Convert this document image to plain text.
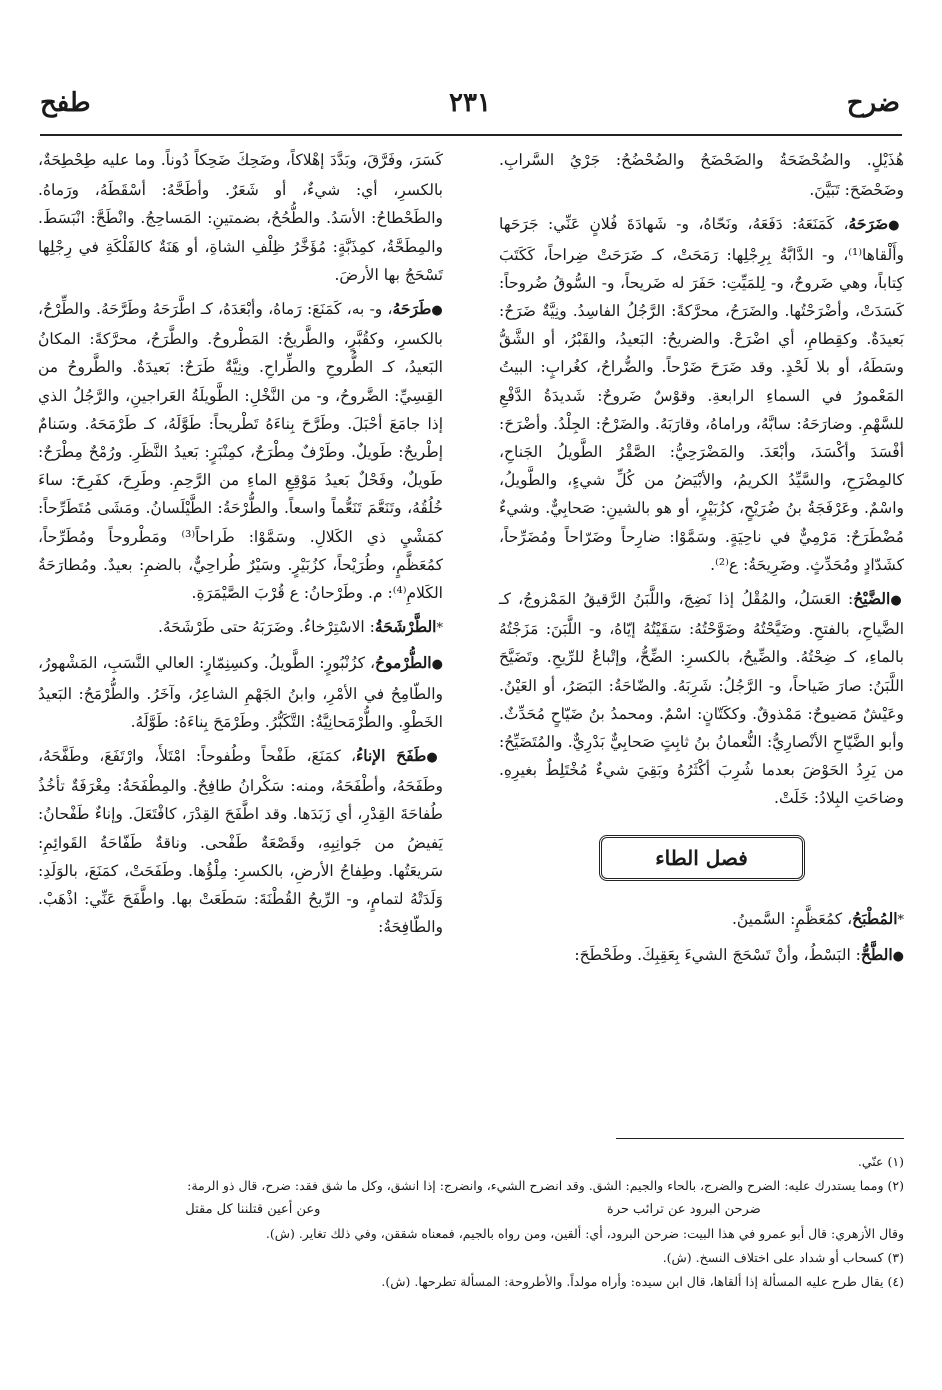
ضرح
٢٣١
طفح

هُذَيْلٍ. والضُحْضَحَةُ والضَحْضَحُ والضُحْضُحُ: جَرْيُ السَّرابِ. وضَحْضَحَ: تَبَيَّنَ.

●ضَرَحَهُ، كَمَنَعَهُ: دَفَعَهُ، ونَحّاهُ، و- شَهادَةَ فُلانٍ عَنِّي: جَرَحَها وأَلْقاها⁽¹⁾، و- الدَّابَّةُ بِرِجْلِها: رَمَحَتْ، كـ ضَرَحَتْ ضِراحاً، كَكَتَبَ كِتاباً، وهي ضَروحٌ، و- لِلمَيِّتِ: حَفَرَ له ضَريحاً، و- السُّوقُ ضُروحاً: كَسَدَتْ، وأضْرَحْتُها. والضَرَحُ، محرَّكةً: الرَّجُلُ الفاسِدُ. ونِيَّةٌ ضَرَحٌ: بَعيدَةٌ. وكقِطامِ، أي اضْرَحْ. والضريحُ: البَعيدُ، والقَبْرُ، أو الشَّقُّ وسَطَهُ، أو بلا لَحْدٍ. وقد ضَرَحَ ضَرْحاً. والضُّراحُ، كغُرابٍ: البيتُ المَعْمورُ في السماءِ الرابعةِ. وقوْسٌ ضَروحٌ: شَديدَةُ الدَّفْعِ للسَّهْمِ. وضارَحَهُ: سابَّهُ، وراماهُ، وقارَبَهُ. والضَرْحُ: الجِلْدُ. وأضْرَحَ: أفْسَدَ وأكْسَدَ، وأبْعَدَ. والمَضْرَحِيُّ: الصَّقْرُ الطَّويلُ الجَناحِ، كالمِضْرَحِ، والسَّيِّدُ الكريمُ، والأبْيَضُ من كُلِّ شيءٍ، والطَّويلُ، واسْمٌ. وعَرْفَجَةُ بنُ ضُرَيْحٍ، كزُبَيْرٍ، أو هو بالشينِ: صَحابِيٌّ. وشيءٌ مُضْطَرَحٌ: مَرْمِيٌّ في ناحِيَةٍ. وسَمَّوْا: ضارِحاً وضَرّاحاً ومُضَرِّحاً، كشَدّادٍ ومُحَدِّثٍ. وضَرِيحَةُ: ع⁽²⁾.

●الضَّيْحُ: العَسَلُ، والمُقْلُ إذا نَضِجَ، واللَّبَنُ الرَّقيقُ المَمْزوجُ، كـ الضَّياحِ، بالفتحِ. وضَيَّحْتُهُ وضَوَّحْتُهُ: سَقَيْتُهُ إيّاهُ، و- اللَّبَنَ: مَزَجْتُهُ بالماءِ، كـ ضِحْتُهُ. والضِّيحُ، بالكسرِ: الضِّحُّ، وإتْباعٌ للرِّيحِ. وتَضَيَّحَ اللَّبَنُ: صارَ ضَياحاً، و- الرَّجُلُ: شَرِبَهُ. والضّاحَةُ: البَصَرُ، أو العَيْنُ. وعَيْشٌ مَضيوحٌ: مَمْذوقٌ. وككَتّانٍ: اسْمٌ. ومحمدُ بنُ ضَيّاحٍ مُحَدِّثٌ. وأبو الضَّيّاحِ الأنْصارِيُّ: النُّعمانُ بنُ ثابِتٍ صَحابِيٌّ بَدْرِيٌّ. والمُتَضَيِّحُ: من يَرِدُ الحَوْضَ بعدما شُرِبَ أكْثَرُهُ وبَقِيَ شيءٌ مُخْتَلِطٌ بغيرِهِ. وضاحَتِ البِلادُ: خَلَتْ.

فصل الطاء

*المُطْبَحُ، كمُعَظَّمٍ: السَّمينُ.

●الطَّحُّ: البَسْطُ، وأنْ تَسْحَجَ الشيءَ بِعَقِبِكَ. وطَحْطَحَ:

كَسَرَ، وفَرَّقَ، وبَدَّدَ إهْلاكاً، وضَحِكَ ضَحِكاً دُوناً. وما عليه طِحْطِحَةٌ، بالكسرِ، أي: شيءٌ، أو شَعَرٌ. وأطَحَّهُ: أسْقَطَهُ، ورَماهُ. والطَحْطاحُ: الأسَدُ. والطُّحُحُ، بضمتينِ: المَساحِجُ. وانْطَحَّ: انْبَسَطَ. والمِطَحَّةُ، كمِذَبَّةٍ: مُؤَخَّرُ ظِلْفِ الشاةِ، أو هَنَةٌ كالفَلْكَةِ في رِجْلِها تَسْحَجُ بها الأرضَ.

●طَرَحَهُ، و- به، كَمَنَعَ: رَماهُ، وأبْعَدَهُ، كـ اطَّرَحَهُ وطَرَّحَهُ. والطِّرْحُ، بالكسرِ، وكقُبَّرٍ، والطَّريحُ: المَطْروحُ. والطَّرَحُ، محرَّكةً: المكانُ البَعيدُ، كـ الطُّروحِ والطِّراحِ. ونِيَّةٌ طَرَحٌ: بَعيدَةٌ. والطَّروحُ من القِسِيِّ: الضَّروحُ، و- من النَّخْلِ: الطَّويلَةُ العَراجينِ، والرَّجُلُ الذي إذا جامَعَ أحْبَلَ. وطَرَّحَ بِناءَهُ تَطْريحاً: طَوَّلَهُ، كـ طَرْمَحَهُ. وسَنامٌ إطْريحٌ: طَويلٌ. وطَرْفٌ مِطْرَحٌ، كمِنْبَرٍ: بَعيدُ النَّظَرِ. ورُمْحٌ مِطْرَحٌ: طَويلٌ، وفَحْلٌ بَعيدُ مَوْقِعِ الماءِ من الرَّحِمِ. وطَرِحَ، كفَرِحَ: ساءَ خُلُقُهُ، وتَنَعَّمَ تَنَعُّماً واسعاً. والطُّرْحَةُ: الطَّيْلَسانُ. ومَشَى مُتَطَرِّحاً: كمَشْيِ ذي الكَلالِ. وسَمَّوْا: طَراحاً⁽³⁾ ومَطْروحاً ومُطَرِّحاً، كمُعَظَّمٍ، وطُرَيْحاً، كزُبَيْرٍ. وسَيْرٌ طُراحِيٌّ، بالضمِ: بعيدٌ. ومُطارَحَةُ الكَلامِ⁽⁴⁾: م. وطَرْحانُ: ع قُرْبَ الصَّيْمَرَةِ.

*الطَّرْشَحَةُ: الاسْتِرْخاءُ. وضَرَبَهُ حتى طَرْشَحَهُ.

●الطُّرْموحُ، كزُنْبُورٍ: الطَّويلُ. وكسِنِمّارٍ: العالي النَّسَبِ، المَشْهورُ، والطّامِحُ في الأمْرِ، وابنُ الجَهْمِ الشاعِرُ، وآخَرُ. والطُّرْمَحُ: البَعيدُ الخَطْوِ. والطُّرْمَحانِيَّةُ: التَّكَبُّرُ. وطَرْمَحَ بِناءَهُ: طَوَّلَهُ.

●طَفَحَ الإناءُ، كمَنَعَ، طَفْحاً وطُفوحاً: امْتَلأَ، وارْتَفَعَ، وطَفَّحَهُ، وطَفَحَهُ، وأطْفَحَهُ، ومنه: سَكْرانُ طافِحٌ. والمِطْفَحَةُ: مِغْرَفَةٌ تأخُذُ طُفاحَةَ القِدْرِ، أي زَبَدَها. وقد اطَّفَحَ القِدْرَ، كافْتَعَلَ. وإناءٌ طَفْحانُ: يَفيضُ من جَوانِبِهِ، وقَصْعَةٌ طَفْحى. وناقةٌ طَفّاحَةُ القَوائِمِ: سَريعَتُها. وطِفاحُ الأرضِ، بالكسرِ: مِلْؤُها. وطَفَحَتْ، كمَنَعَ، بالوَلَدِ: وَلَدَتْهُ لتمامٍ، و- الرِّيحُ القُطْنَةَ: سَطَعَتْ بها. واطَّفَحَ عَنِّي: اذْهَبْ. والطّافِحَةُ:

(١) عنّي.
(٢) ومما يستدرك عليه: الضرح والضرج، بالحاء والجيم: الشق. وقد انضرح الشيء، وانضرج: إذا انشق، وكل ما شق فقد: ضرح، قال ذو الرمة:
ضرحن البرود عن ترائب حرة
وعن أعين قتلننا كل مقتل
وقال الأزهري: قال أبو عمرو في هذا البيت: ضرحن البرود، أي: ألقين، ومن رواه بالجيم، فمعناه شققن، وفي ذلك تغاير. (ش).
(٣) كسحاب أو شداد على اختلاف النسخ. (ش).
(٤) يقال طرح عليه المسألة إذا ألقاها، قال ابن سيده: وأراه مولداً. والأطروحة: المسألة تطرحها. (ش).
